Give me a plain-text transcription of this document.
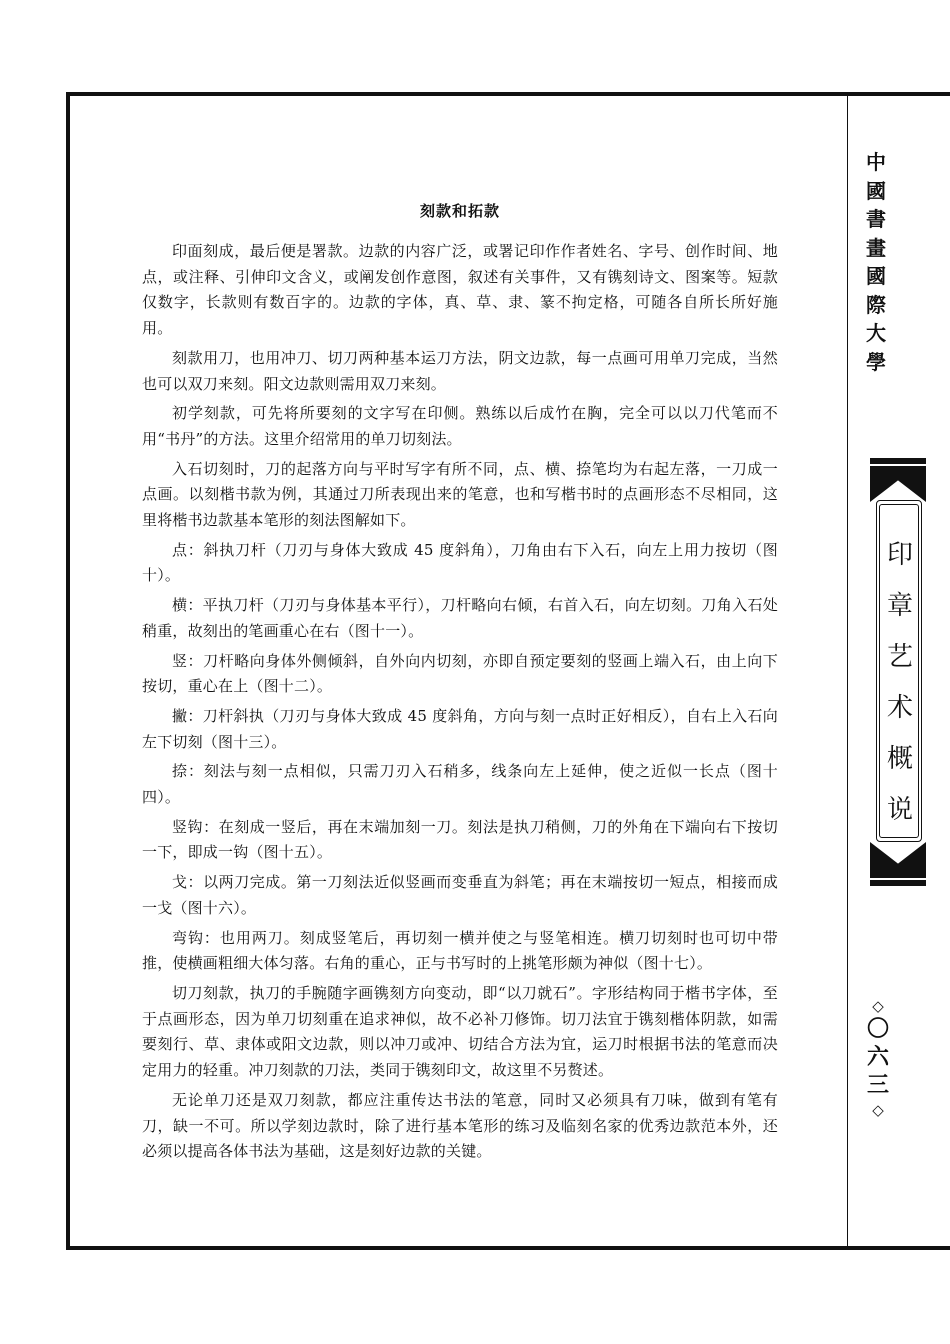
刻款和拓款

印面刻成，最后便是署款。边款的内容广泛，或署记印作作者姓名、字号、创作时间、地点，或注释、引伸印文含义，或阐发创作意图，叙述有关事件，又有镌刻诗文、图案等。短款仅数字，长款则有数百字的。边款的字体，真、草、隶、篆不拘定格，可随各自所长所好施用。

刻款用刀，也用冲刀、切刀两种基本运刀方法，阴文边款，每一点画可用单刀完成，当然也可以双刀来刻。阳文边款则需用双刀来刻。

初学刻款，可先将所要刻的文字写在印侧。熟练以后成竹在胸，完全可以以刀代笔而不用“书丹”的方法。这里介绍常用的单刀切刻法。

入石切刻时，刀的起落方向与平时写字有所不同，点、横、捺笔均为右起左落，一刀成一点画。以刻楷书款为例，其通过刀所表现出来的笔意，也和写楷书时的点画形态不尽相同，这里将楷书边款基本笔形的刻法图解如下。

点：斜执刀杆（刀刃与身体大致成 45 度斜角），刀角由右下入石，向左上用力按切（图十）。

横：平执刀杆（刀刃与身体基本平行），刀杆略向右倾，右首入石，向左切刻。刀角入石处稍重，故刻出的笔画重心在右（图十一）。

竖：刀杆略向身体外侧倾斜，自外向内切刻，亦即自预定要刻的竖画上端入石，由上向下按切，重心在上（图十二）。

撇：刀杆斜执（刀刃与身体大致成 45 度斜角，方向与刻一点时正好相反），自右上入石向左下切刻（图十三）。

捺：刻法与刻一点相似，只需刀刃入石稍多，线条向左上延伸，使之近似一长点（图十四）。

竖钩：在刻成一竖后，再在末端加刻一刀。刻法是执刀稍侧，刀的外角在下端向右下按切一下，即成一钩（图十五）。

戈：以两刀完成。第一刀刻法近似竖画而变垂直为斜笔；再在末端按切一短点，相接而成一戈（图十六）。

弯钩：也用两刀。刻成竖笔后，再切刻一横并使之与竖笔相连。横刀切刻时也可切中带推，使横画粗细大体匀落。右角的重心，正与书写时的上挑笔形颇为神似（图十七）。

切刀刻款，执刀的手腕随字画镌刻方向变动，即“以刀就石”。字形结构同于楷书字体，至于点画形态，因为单刀切刻重在追求神似，故不必补刀修饰。切刀法宜于镌刻楷体阴款，如需要刻行、草、隶体或阳文边款，则以冲刀或冲、切结合方法为宜，运刀时根据书法的笔意而决定用力的轻重。冲刀刻款的刀法，类同于镌刻印文，故这里不另赘述。

无论单刀还是双刀刻款，都应注重传达书法的笔意，同时又必须具有刀味，做到有笔有刀，缺一不可。所以学刻边款时，除了进行基本笔形的练习及临刻名家的优秀边款范本外，还必须以提高各体书法为基础，这是刻好边款的关键。

中
國
書
畫
國
際
大
學
印
章
艺
术
概
说
◇
〇
六
三
◇
